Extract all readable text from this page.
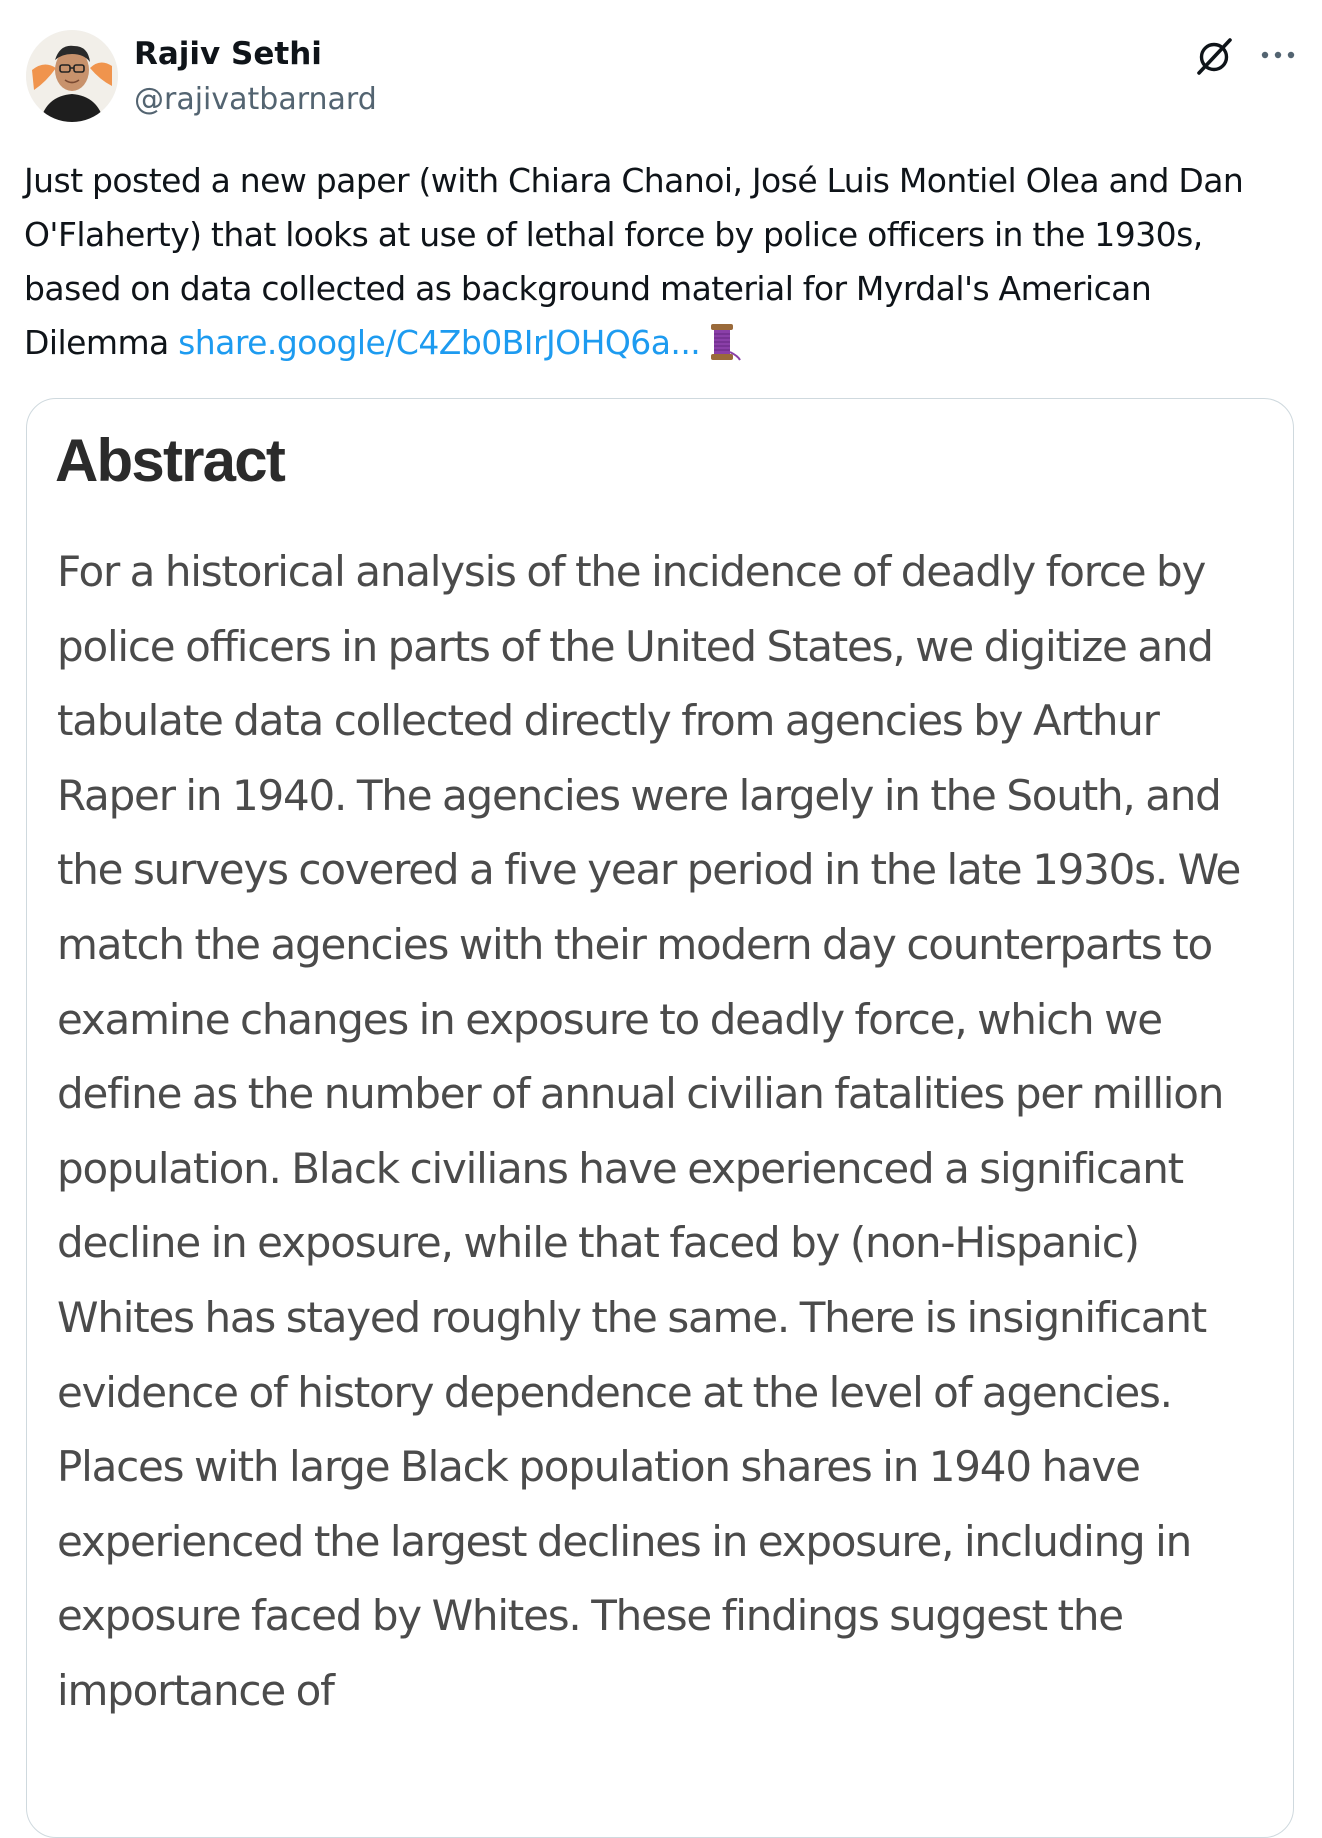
Rajiv Sethi
@rajivatbarnard
Just posted a new paper (with Chiara Chanoi, José Luis Montiel Olea and Dan O'Flaherty) that looks at use of lethal force by police officers in the 1930s, based on data collected as background material for Myrdal's American Dilemma share.google/C4Zb0BIrJOHQ6a...
Abstract
For a historical analysis of the incidence of deadly force by police officers in parts of the United States, we digitize and tabulate data collected directly from agencies by Arthur Raper in 1940. The agencies were largely in the South, and the surveys covered a five year period in the late 1930s. We match the agencies with their modern day counterparts to examine changes in exposure to deadly force, which we define as the number of annual civilian fatalities per million population. Black civilians have experienced a significant decline in exposure, while that faced by (non-Hispanic) Whites has stayed roughly the same. There is insignificant evidence of history dependence at the level of agencies. Places with large Black population shares in 1940 have experienced the largest declines in exposure, including in exposure faced by Whites. These findings suggest the importance of
